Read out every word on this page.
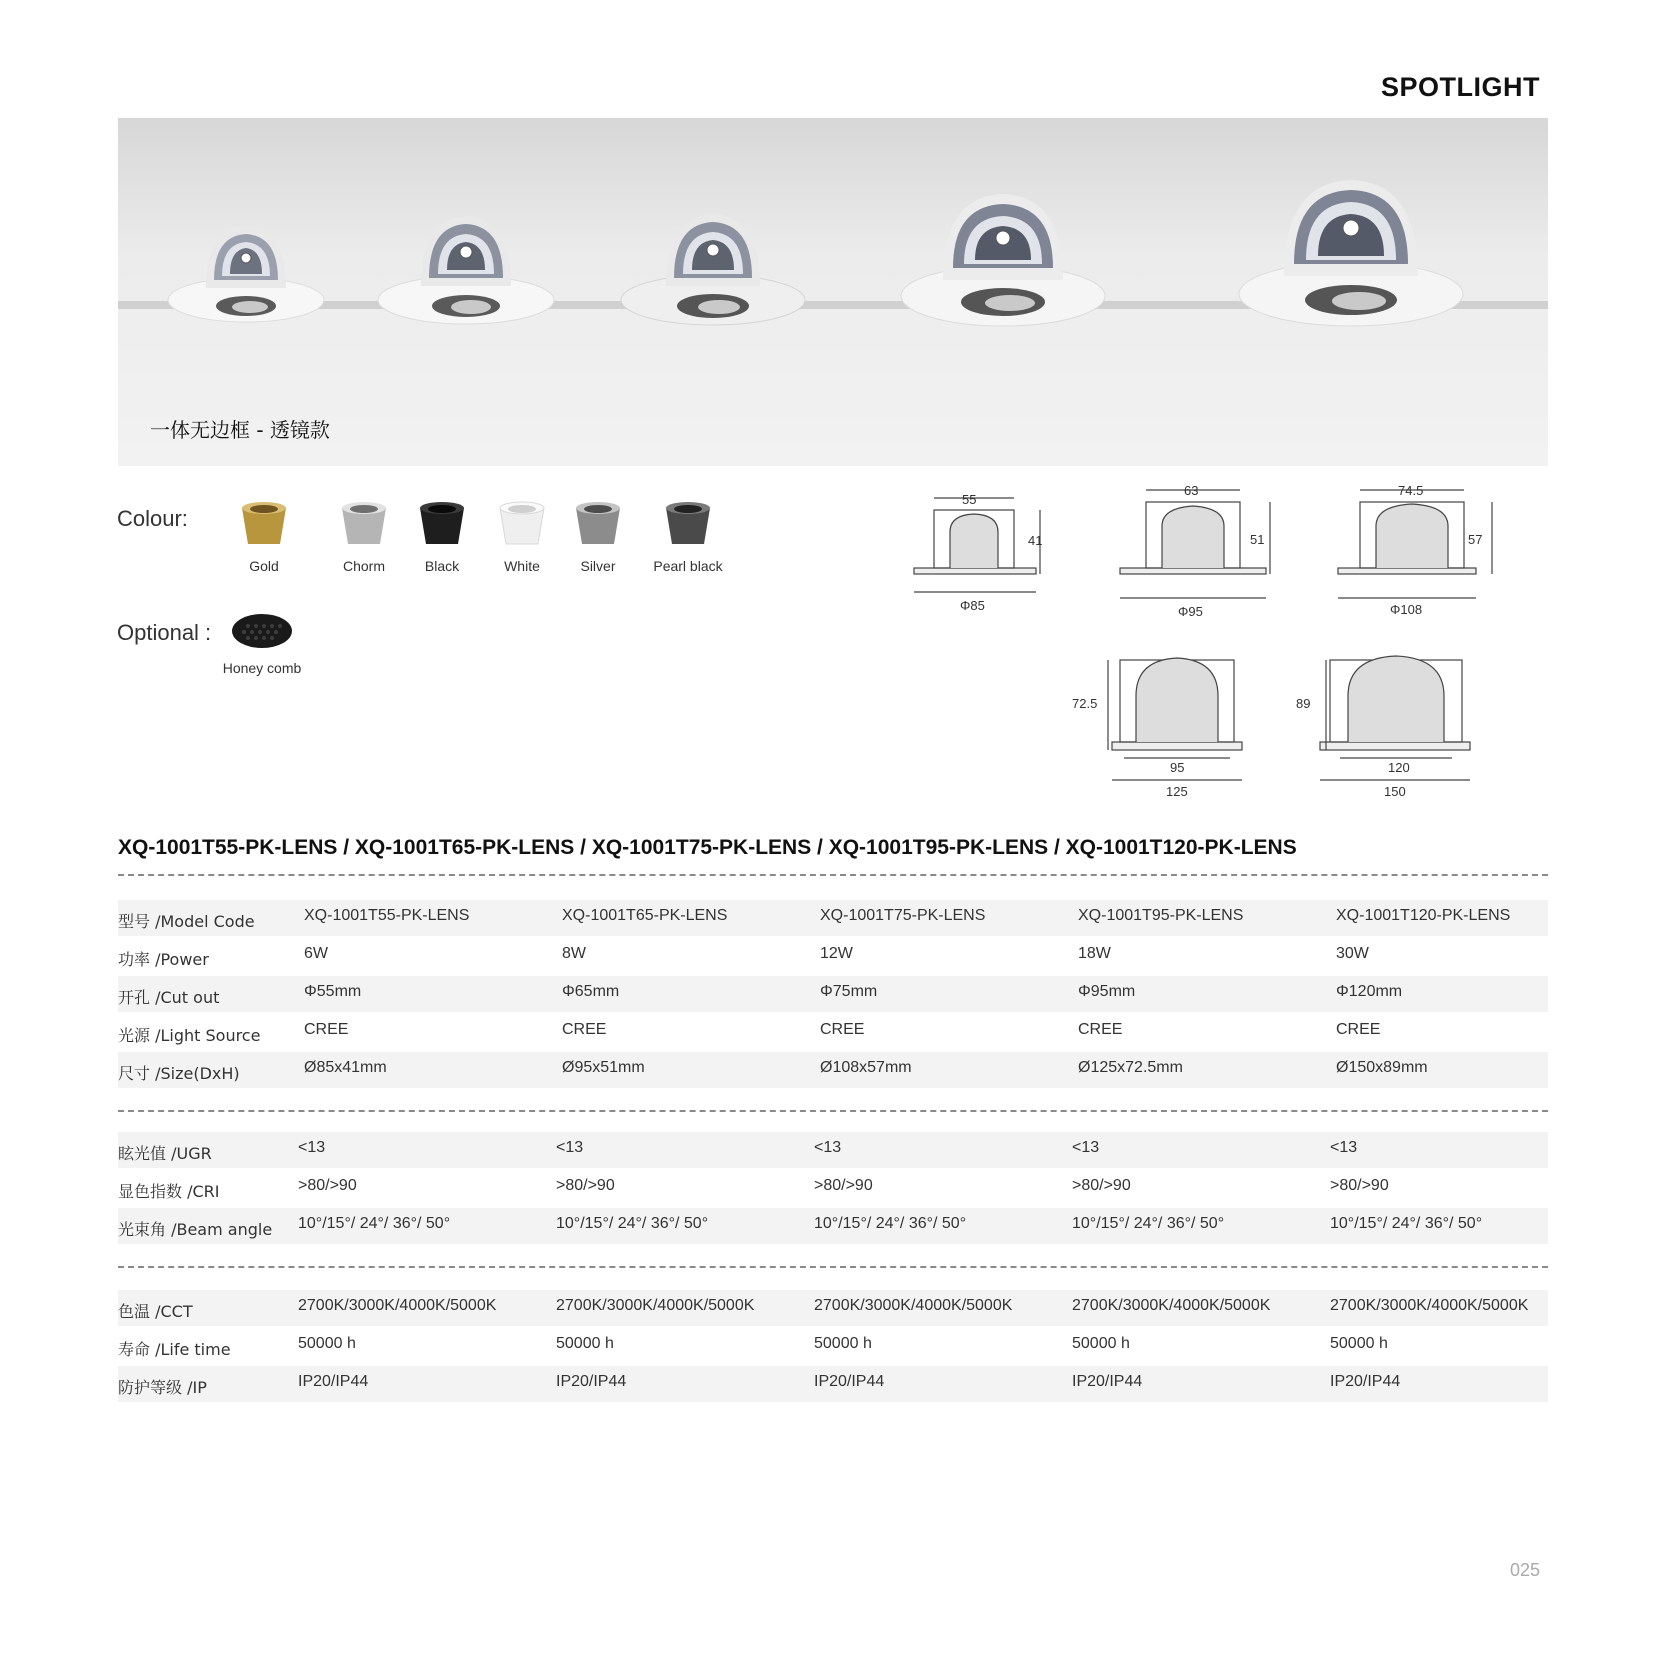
SPOTLIGHT
一体无边框 - 透镜款
Colour:
Gold	Chorm	Black	White	Silver	Pearl black
Optional :
Honey comb
55
41
Φ85
63
51
Φ95
74.5
57
Φ108
72.5
95
125
89
120
150
XQ-1001T55-PK-LENS / XQ-1001T65-PK-LENS / XQ-1001T75-PK-LENS / XQ-1001T95-PK-LENS / XQ-1001T120-PK-LENS
型号 /Model Code	XQ-1001T55-PK-LENS	XQ-1001T65-PK-LENS	XQ-1001T75-PK-LENS	XQ-1001T95-PK-LENS	XQ-1001T120-PK-LENS
功率 /Power	6W	8W	12W	18W	30W
开孔 /Cut out	Φ55mm	Φ65mm	Φ75mm	Φ95mm	Φ120mm
光源 /Light Source	CREE	CREE	CREE	CREE	CREE
尺寸 /Size(DxH)	Ø85x41mm	Ø95x51mm	Ø108x57mm	Ø125x72.5mm	Ø150x89mm
眩光值 /UGR	<13	<13	<13	<13	<13
显色指数 /CRI	>80/>90	>80/>90	>80/>90	>80/>90	>80/>90
光束角 /Beam angle 10°/15°/ 24°/ 36°/ 50°	10°/15°/ 24°/ 36°/ 50°	10°/15°/ 24°/ 36°/ 50°	10°/15°/ 24°/ 36°/ 50°	10°/15°/ 24°/ 36°/ 50°
色温 /CCT	2700K/3000K/4000K/5000K	2700K/3000K/4000K/5000K	2700K/3000K/4000K/5000K	2700K/3000K/4000K/5000K	2700K/3000K/4000K/5000K
寿命 /Life time	50000 h	50000 h	50000 h	50000 h	50000 h
防护等级 /IP	IP20/IP44	IP20/IP44	IP20/IP44	IP20/IP44	IP20/IP44
025
